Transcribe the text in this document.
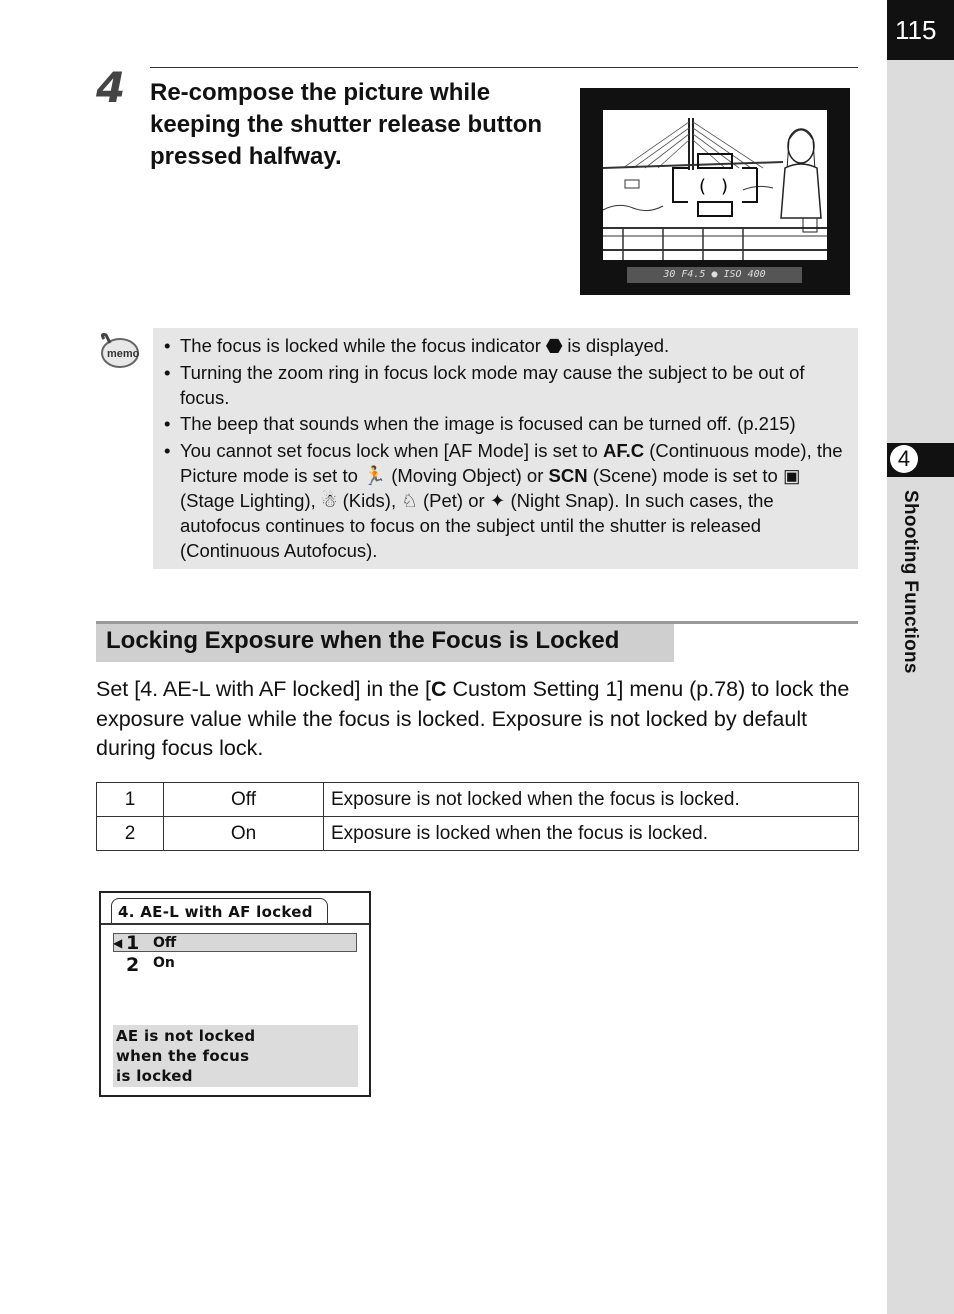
115
4
Shooting Functions
4 Re-compose the picture while keeping the shutter release button pressed halfway.
( )
30 F4.5 ● ISO 400
memo	• The focus is locked while the focus indicator ⬣ is displayed.
• Turning the zoom ring in focus lock mode may cause the subject to be out of focus.
• The beep that sounds when the image is focused can be turned off. (p.215)
• You cannot set focus lock when [AF Mode] is set to AF.C (Continuous mode), the Picture mode is set to 🏃 (Moving Object) or SCN (Scene) mode is set to ▣ (Stage Lighting), ☃ (Kids), ♘ (Pet) or ✦ (Night Snap). In such cases, the autofocus continues to focus on the subject until the shutter is released (Continuous Autofocus).
Locking Exposure when the Focus is Locked
Set [4. AE-L with AF locked] in the [C Custom Setting 1] menu (p.78) to lock the exposure value while the focus is locked. Exposure is not locked by default during focus lock.
1	Off	Exposure is not locked when the focus is locked.
2	On	Exposure is locked when the focus is locked.
4. AE-L with AF locked
◀ 1 Off
2 On
AE is not locked
when the focus
is locked
